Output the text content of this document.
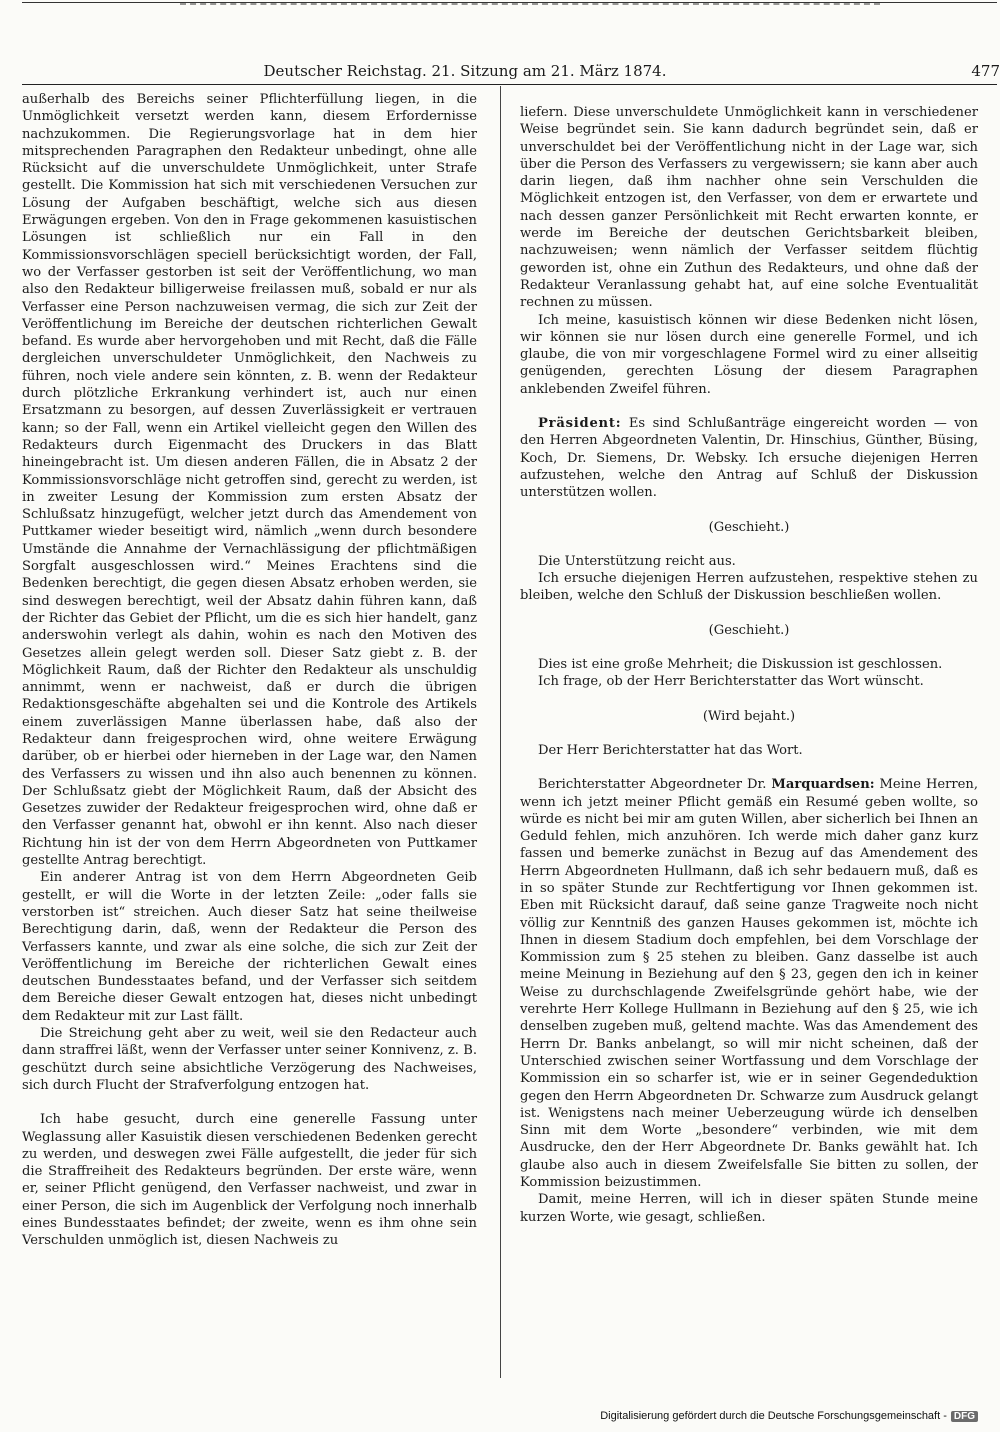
Deutscher Reichstag. 21. Sitzung am 21. März 1874.	477

außerhalb des Bereichs seiner Pflichterfüllung liegen, in die Unmöglichkeit versetzt werden kann, diesem Erfordernisse nachzukommen. Die Regierungsvorlage hat in dem hier mitsprechenden Paragraphen den Redakteur unbedingt, ohne alle Rücksicht auf die unverschuldete Unmöglichkeit, unter Strafe gestellt. Die Kommission hat sich mit verschiedenen Versuchen zur Lösung der Aufgaben beschäftigt, welche sich aus diesen Erwägungen ergeben. Von den in Frage gekommenen kasuistischen Lösungen ist schließlich nur ein Fall in den Kommissionsvorschlägen speciell berücksichtigt worden, der Fall, wo der Verfasser gestorben ist seit der Veröffentlichung, wo man also den Redakteur billigerweise freilassen muß, sobald er nur als Verfasser eine Person nachzuweisen vermag, die sich zur Zeit der Veröffentlichung im Bereiche der deutschen richterlichen Gewalt befand. Es wurde aber hervorgehoben und mit Recht, daß die Fälle dergleichen unverschuldeter Unmöglichkeit, den Nachweis zu führen, noch viele andere sein könnten, z. B. wenn der Redakteur durch plötzliche Erkrankung verhindert ist, auch nur einen Ersatzmann zu besorgen, auf dessen Zuverlässigkeit er vertrauen kann; so der Fall, wenn ein Artikel vielleicht gegen den Willen des Redakteurs durch Eigenmacht des Druckers in das Blatt hineingebracht ist. Um diesen anderen Fällen, die in Absatz 2 der Kommissionsvorschläge nicht getroffen sind, gerecht zu werden, ist in zweiter Lesung der Kommission zum ersten Absatz der Schlußsatz hinzugefügt, welcher jetzt durch das Amendement von Puttkamer wieder beseitigt wird, nämlich „wenn durch besondere Umstände die Annahme der Vernachlässigung der pflichtmäßigen Sorgfalt ausgeschlossen wird.“ Meines Erachtens sind die Bedenken berechtigt, die gegen diesen Absatz erhoben werden, sie sind deswegen berechtigt, weil der Absatz dahin führen kann, daß der Richter das Gebiet der Pflicht, um die es sich hier handelt, ganz anderswohin verlegt als dahin, wohin es nach den Motiven des Gesetzes allein gelegt werden soll. Dieser Satz giebt z. B. der Möglichkeit Raum, daß der Richter den Redakteur als unschuldig annimmt, wenn er nachweist, daß er durch die übrigen Redaktionsgeschäfte abgehalten sei und die Kontrole des Artikels einem zuverlässigen Manne überlassen habe, daß also der Redakteur dann freigesprochen wird, ohne weitere Erwägung darüber, ob er hierbei oder hierneben in der Lage war, den Namen des Verfassers zu wissen und ihn also auch benennen zu können. Der Schlußsatz giebt der Möglichkeit Raum, daß der Absicht des Gesetzes zuwider der Redakteur freigesprochen wird, ohne daß er den Verfasser genannt hat, obwohl er ihn kennt. Also nach dieser Richtung hin ist der von dem Herrn Abgeordneten von Puttkamer gestellte Antrag berechtigt.

Ein anderer Antrag ist von dem Herrn Abgeordneten Geib gestellt, er will die Worte in der letzten Zeile: „oder falls sie verstorben ist“ streichen. Auch dieser Satz hat seine theilweise Berechtigung darin, daß, wenn der Redakteur die Person des Verfassers kannte, und zwar als eine solche, die sich zur Zeit der Veröffentlichung im Bereiche der richterlichen Gewalt eines deutschen Bundesstaates befand, und der Verfasser sich seitdem dem Bereiche dieser Gewalt entzogen hat, dieses nicht unbedingt dem Redakteur mit zur Last fällt.

Die Streichung geht aber zu weit, weil sie den Redacteur auch dann straffrei läßt, wenn der Verfasser unter seiner Konnivenz, z. B. geschützt durch seine absichtliche Verzögerung des Nachweises, sich durch Flucht der Strafverfolgung entzogen hat.

Ich habe gesucht, durch eine generelle Fassung unter Weglassung aller Kasuistik diesen verschiedenen Bedenken gerecht zu werden, und deswegen zwei Fälle aufgestellt, die jeder für sich die Straffreiheit des Redakteurs begründen. Der erste wäre, wenn er, seiner Pflicht genügend, den Verfasser nachweist, und zwar in einer Person, die sich im Augenblick der Verfolgung noch innerhalb eines Bundesstaates befindet; der zweite, wenn es ihm ohne sein Verschulden unmöglich ist, diesen Nachweis zu

liefern. Diese unverschuldete Unmöglichkeit kann in verschiedener Weise begründet sein. Sie kann dadurch begründet sein, daß er unverschuldet bei der Veröffentlichung nicht in der Lage war, sich über die Person des Verfassers zu vergewissern; sie kann aber auch darin liegen, daß ihm nachher ohne sein Verschulden die Möglichkeit entzogen ist, den Verfasser, von dem er erwartete und nach dessen ganzer Persönlichkeit mit Recht erwarten konnte, er werde im Bereiche der deutschen Gerichtsbarkeit bleiben, nachzuweisen; wenn nämlich der Verfasser seitdem flüchtig geworden ist, ohne ein Zuthun des Redakteurs, und ohne daß der Redakteur Veranlassung gehabt hat, auf eine solche Eventualität rechnen zu müssen.

Ich meine, kasuistisch können wir diese Bedenken nicht lösen, wir können sie nur lösen durch eine generelle Formel, und ich glaube, die von mir vorgeschlagene Formel wird zu einer allseitig genügenden, gerechten Lösung der diesem Paragraphen anklebenden Zweifel führen.

Präsident: Es sind Schlußanträge eingereicht worden — von den Herren Abgeordneten Valentin, Dr. Hinschius, Günther, Büsing, Koch, Dr. Siemens, Dr. Websky. Ich ersuche diejenigen Herren aufzustehen, welche den Antrag auf Schluß der Diskussion unterstützen wollen.

(Geschieht.)

Die Unterstützung reicht aus.

Ich ersuche diejenigen Herren aufzustehen, respektive stehen zu bleiben, welche den Schluß der Diskussion beschließen wollen.

(Geschieht.)

Dies ist eine große Mehrheit; die Diskussion ist geschlossen.

Ich frage, ob der Herr Berichterstatter das Wort wünscht.

(Wird bejaht.)

Der Herr Berichterstatter hat das Wort.

Berichterstatter Abgeordneter Dr. Marquardsen: Meine Herren, wenn ich jetzt meiner Pflicht gemäß ein Resumé geben wollte, so würde es nicht bei mir am guten Willen, aber sicherlich bei Ihnen an Geduld fehlen, mich anzuhören. Ich werde mich daher ganz kurz fassen und bemerke zunächst in Bezug auf das Amendement des Herrn Abgeordneten Hullmann, daß ich sehr bedauern muß, daß es in so später Stunde zur Rechtfertigung vor Ihnen gekommen ist. Eben mit Rücksicht darauf, daß seine ganze Tragweite noch nicht völlig zur Kenntniß des ganzen Hauses gekommen ist, möchte ich Ihnen in diesem Stadium doch empfehlen, bei dem Vorschlage der Kommission zum § 25 stehen zu bleiben. Ganz dasselbe ist auch meine Meinung in Beziehung auf den § 23, gegen den ich in keiner Weise zu durchschlagende Zweifelsgründe gehört habe, wie der verehrte Herr Kollege Hullmann in Beziehung auf den § 25, wie ich denselben zugeben muß, geltend machte. Was das Amendement des Herrn Dr. Banks anbelangt, so will mir nicht scheinen, daß der Unterschied zwischen seiner Wortfassung und dem Vorschlage der Kommission ein so scharfer ist, wie er in seiner Gegendeduktion gegen den Herrn Abgeordneten Dr. Schwarze zum Ausdruck gelangt ist. Wenigstens nach meiner Ueberzeugung würde ich denselben Sinn mit dem Worte „besondere“ verbinden, wie mit dem Ausdrucke, den der Herr Abgeordnete Dr. Banks gewählt hat. Ich glaube also auch in diesem Zweifelsfalle Sie bitten zu sollen, der Kommission beizustimmen.

Damit, meine Herren, will ich in dieser späten Stunde meine kurzen Worte, wie gesagt, schließen.

Digitalisierung gefördert durch die Deutsche Forschungsgemeinschaft - DFG
